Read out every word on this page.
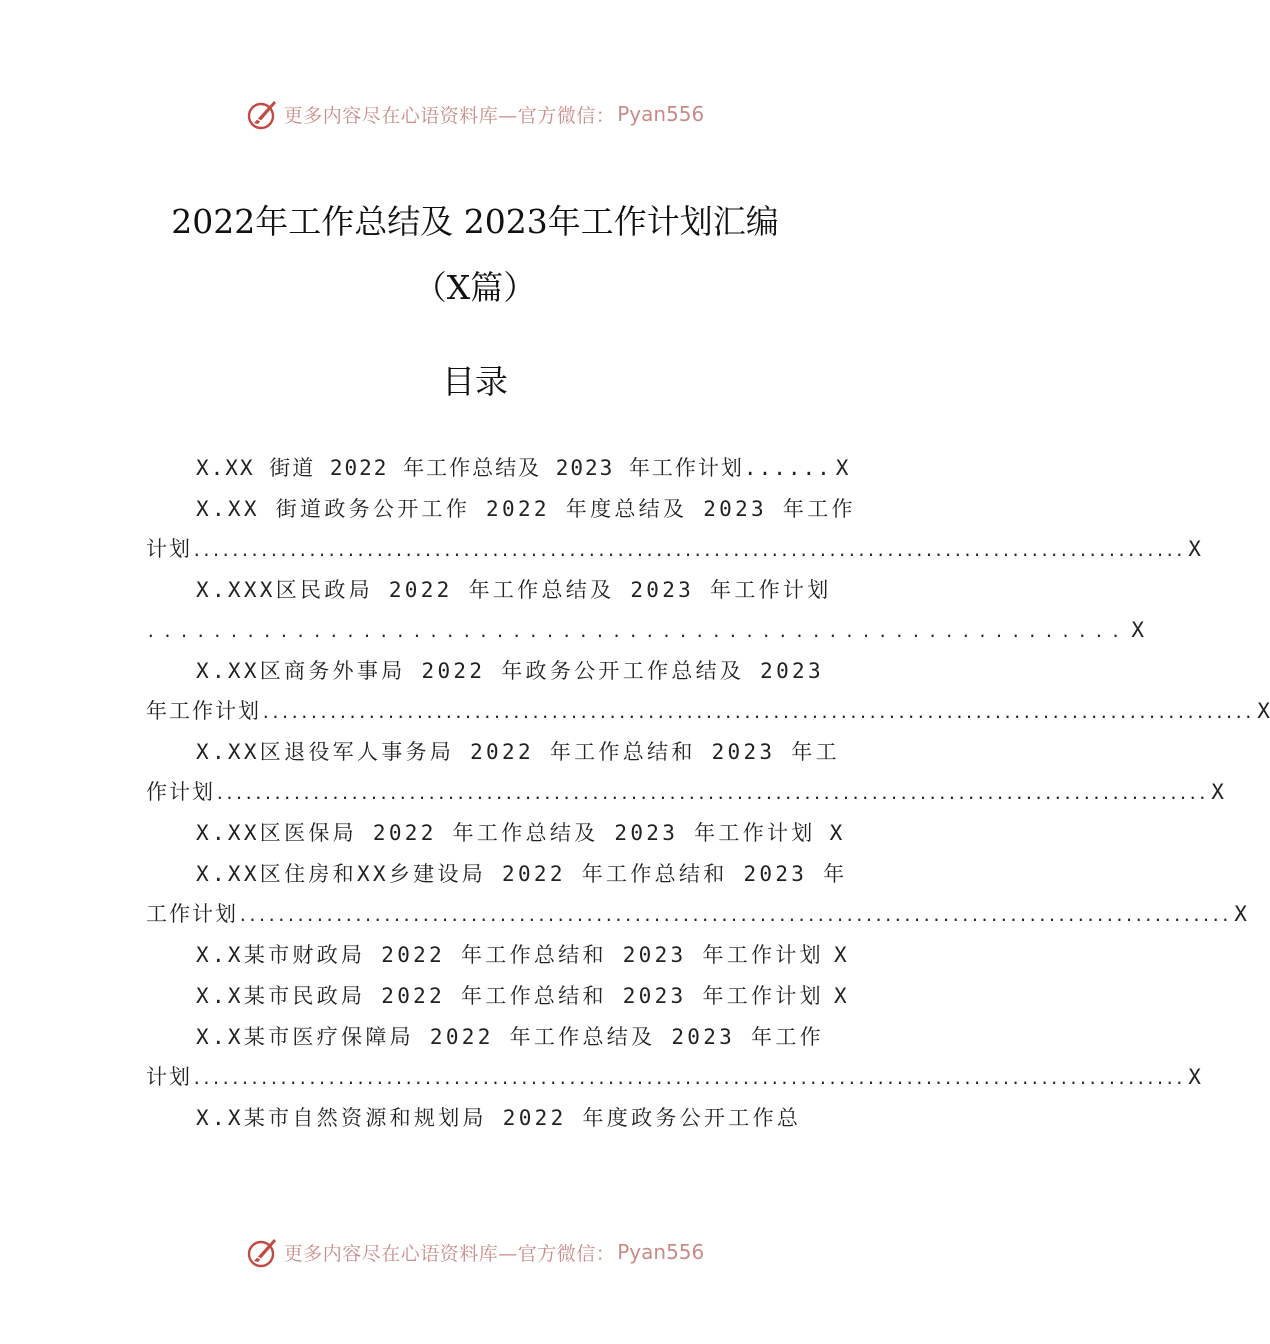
更多内容尽在心语资料库—官方微信： Pyan556
2022年工作总结及 2023年工作计划汇编
（X篇）
目录
X.XX 街道 2022 年工作总结及 2023 年工作计划...... X
X.XX 街道政务公开工作 2022 年度总结及 2023 年工作
计划 ....................................................................................................... X
X.XXX区民政局 2022 年工作总结及 2023 年工作计划
........................................................... X
X.XX区商务外事局 2022 年政务公开工作总结及 2023
年工作计划 ....................................................................................................... X
X.XX区退役军人事务局 2022 年工作总结和 2023 年工
作计划 ....................................................................................................... X
X.XX区医保局 2022 年工作总结及 2023 年工作计划 X
X.XX区住房和XX乡建设局 2022 年工作总结和 2023 年
工作计划 ....................................................................................................... X
X.X某市财政局 2022 年工作总结和 2023 年工作计划 X
X.X某市民政局 2022 年工作总结和 2023 年工作计划 X
X.X某市医疗保障局 2022 年工作总结及 2023 年工作
计划 ....................................................................................................... X
X.X某市自然资源和规划局 2022 年度政务公开工作总
更多内容尽在心语资料库—官方微信： Pyan556
